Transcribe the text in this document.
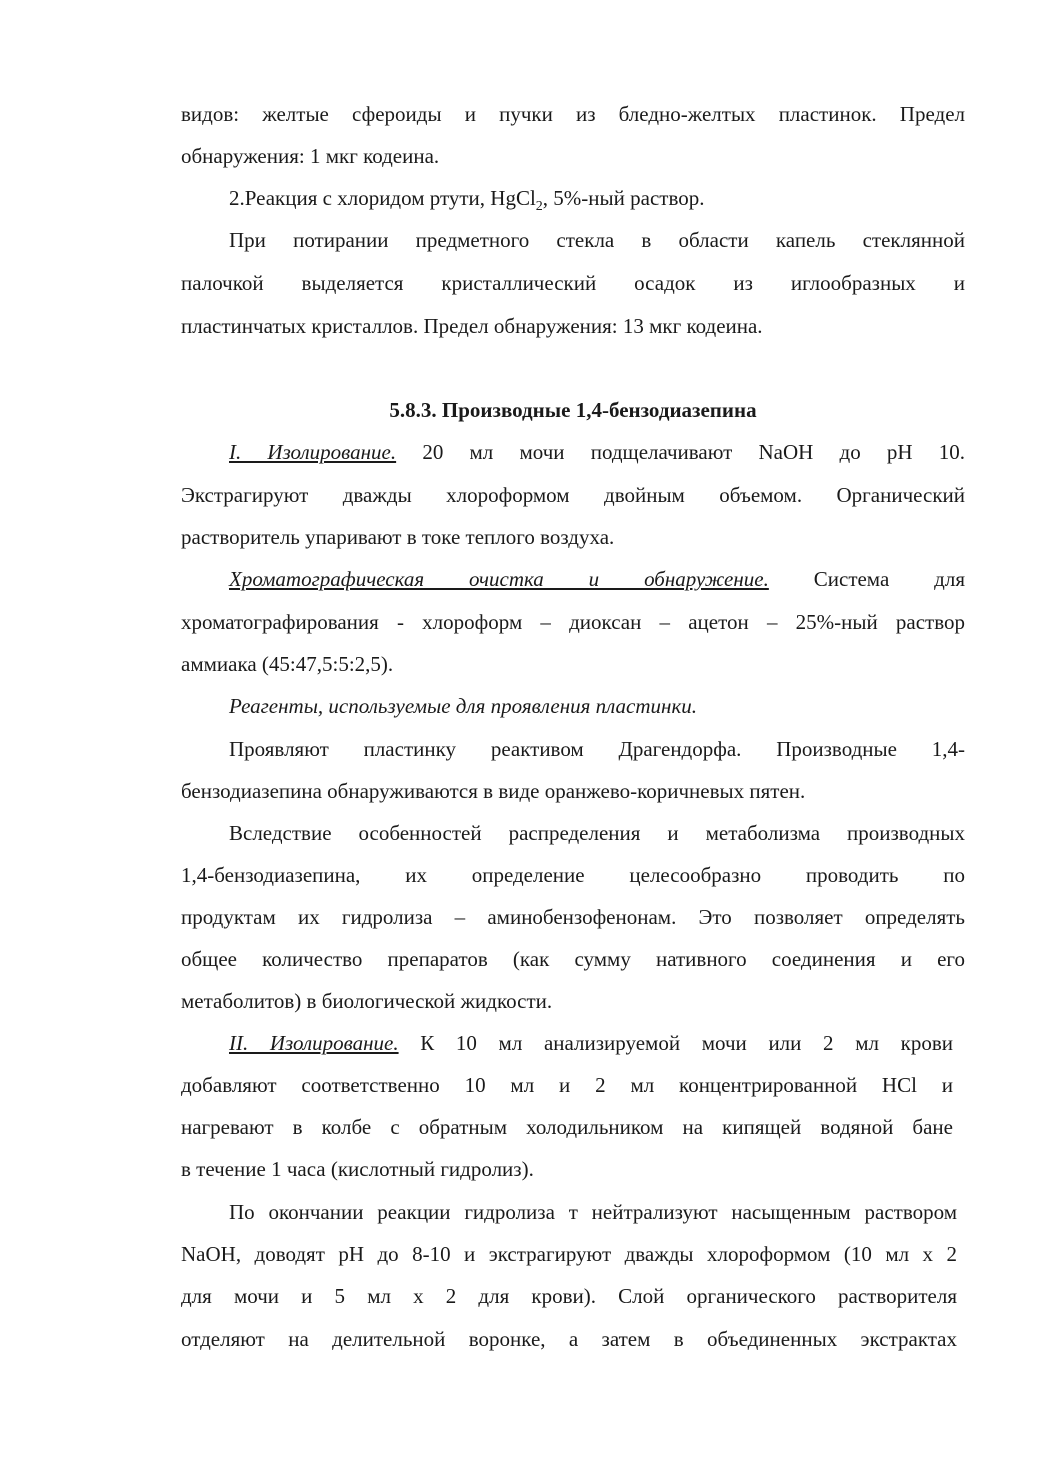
видов: желтые сфероиды и пучки из бледно-желтых пластинок. Предел
обнаружения: 1 мкг кодеина.
2.Реакция с хлоридом ртути, HgCl$_2$, 5%-ный раствор.
При потирании предметного стекла в области капель стеклянной
палочкой выделяется кристаллический осадок из иглообразных и
пластинчатых кристаллов. Предел обнаружения: 13 мкг кодеина.
5.8.3. Производные 1,4-бензодиазепина
I. Изолирование. 20 мл мочи подщелачивают NaOH до pH 10.
Экстрагируют дважды хлороформом двойным объемом. Органический
растворитель упаривают в токе теплого воздуха.
Хроматографическая очистка и обнаружение. Система для
хроматографирования - хлороформ – диоксан – ацетон – 25%-ный раствор
аммиака (45:47,5:5:2,5).
Реагенты, используемые для проявления пластинки.
Проявляют пластинку реактивом Драгендорфа. Производные 1,4-
бензодиазепина обнаруживаются в виде оранжево-коричневых пятен.
Вследствие особенностей распределения и метаболизма производных
1,4-бензодиазепина, их определение целесообразно проводить по
продуктам их гидролиза – аминобензофенонам. Это позволяет определять
общее количество препаратов (как сумму нативного соединения и его
метаболитов) в биологической жидкости.
II. Изолирование. К 10 мл анализируемой мочи или 2 мл крови
добавляют соответственно 10 мл и 2 мл концентрированной HCl и
нагревают в колбе с обратным холодильником на кипящей водяной бане
в течение 1 часа (кислотный гидролиз).
По окончании реакции гидролиза т нейтрализуют насыщенным раствором
NaOH, доводят pH до 8-10 и экстрагируют дважды хлороформом (10 мл х 2
для мочи и 5 мл х 2 для крови). Слой органического растворителя
отделяют на делительной воронке, а затем в объединенных экстрактах
